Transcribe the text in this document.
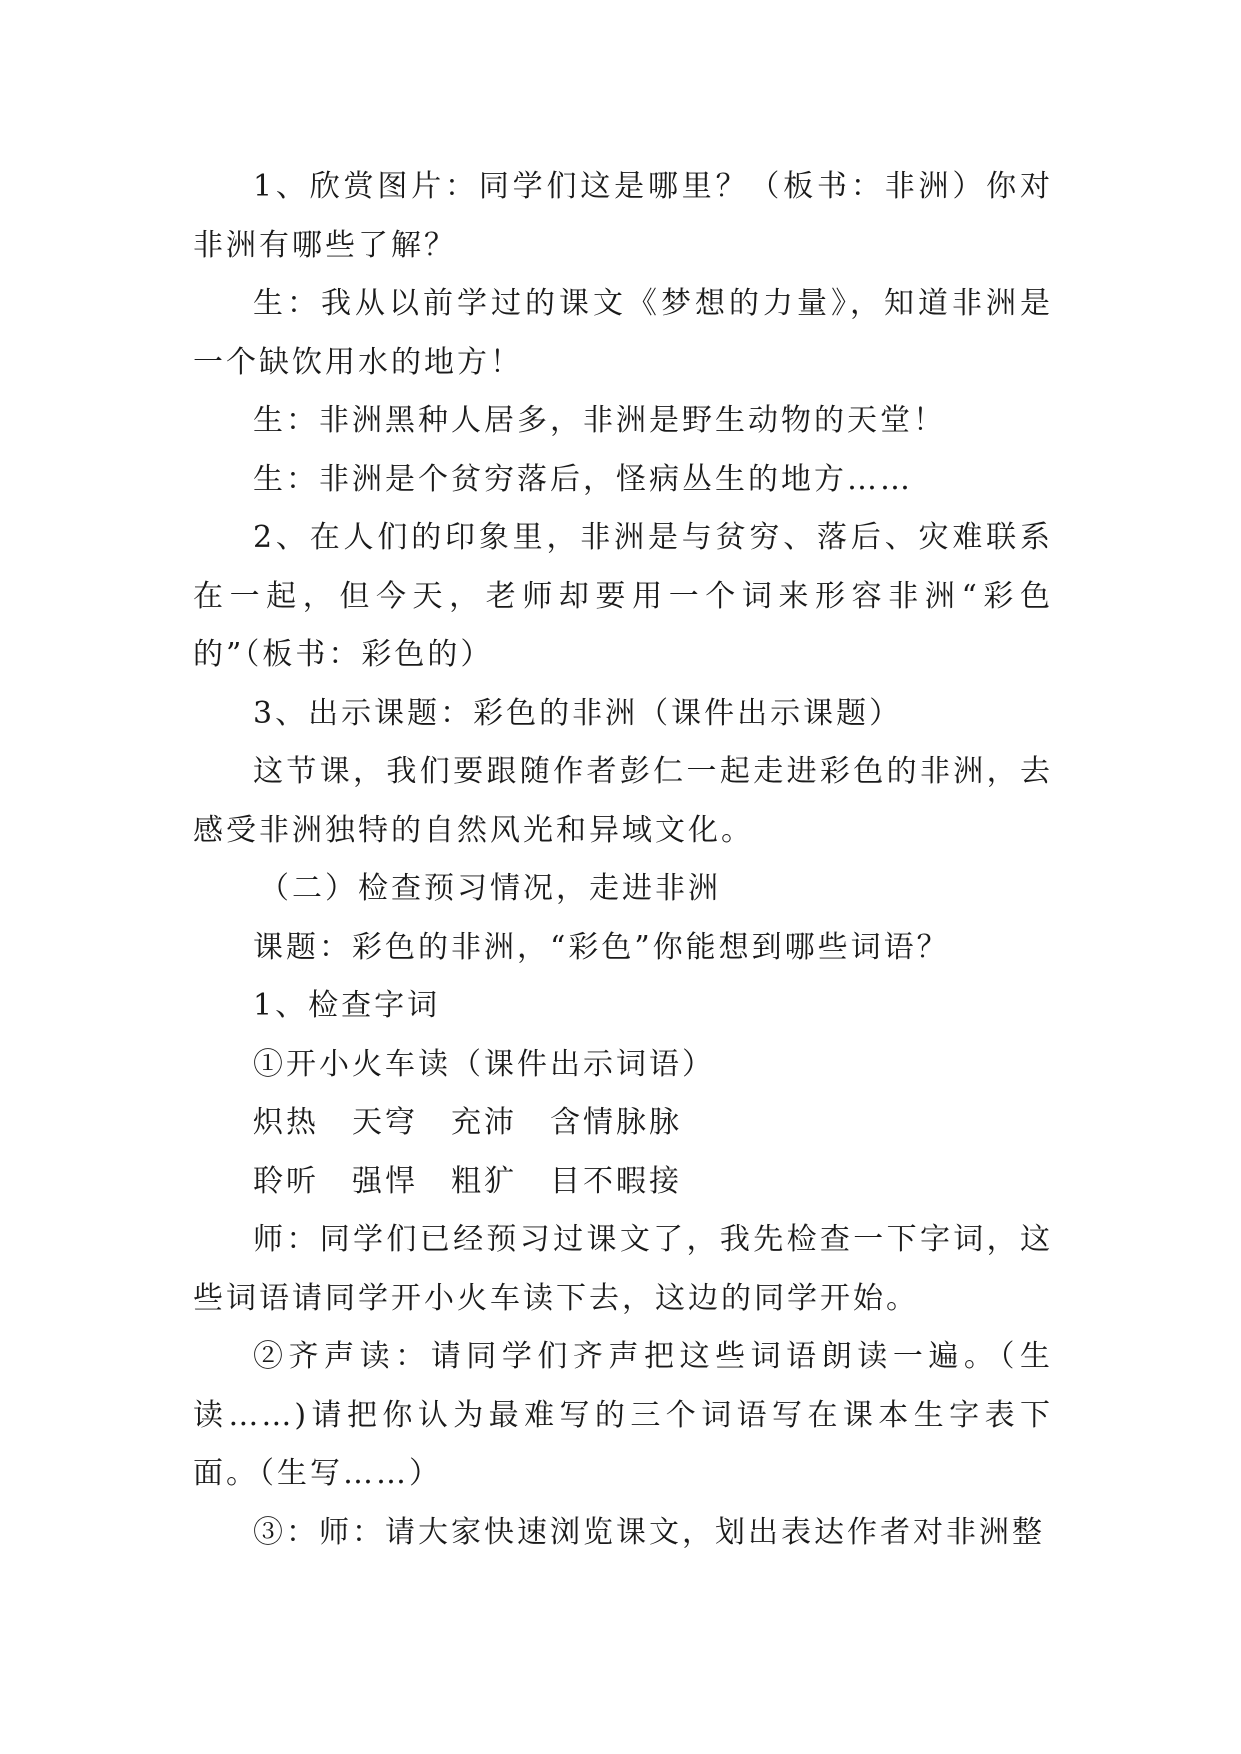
1、欣赏图片：同学们这是哪里？（板书：非洲）你对非洲有哪些了解？

生：我从以前学过的课文《梦想的力量》，知道非洲是一个缺饮用水的地方！

生：非洲黑种人居多，非洲是野生动物的天堂！

生：非洲是个贫穷落后，怪病丛生的地方……

2、在人们的印象里，非洲是与贫穷、落后、灾难联系在一起，但今天，老师却要用一个词来形容非洲“彩色的”（板书：彩色的）

3、出示课题：彩色的非洲（课件出示课题）

这节课，我们要跟随作者彭仁一起走进彩色的非洲，去感受非洲独特的自然风光和异域文化。

（二）检查预习情况，走进非洲

课题：彩色的非洲，“彩色”你能想到哪些词语？

1、检查字词

①开小火车读（课件出示词语）

炽热　天穹　充沛　含情脉脉

聆听　强悍　粗犷　目不暇接

师：同学们已经预习过课文了，我先检查一下字词，这些词语请同学开小火车读下去，这边的同学开始。

②齐声读：请同学们齐声把这些词语朗读一遍。（生读……)请把你认为最难写的三个词语写在课本生字表下面。（生写……）

③：师：请大家快速浏览课文，划出表达作者对非洲整
